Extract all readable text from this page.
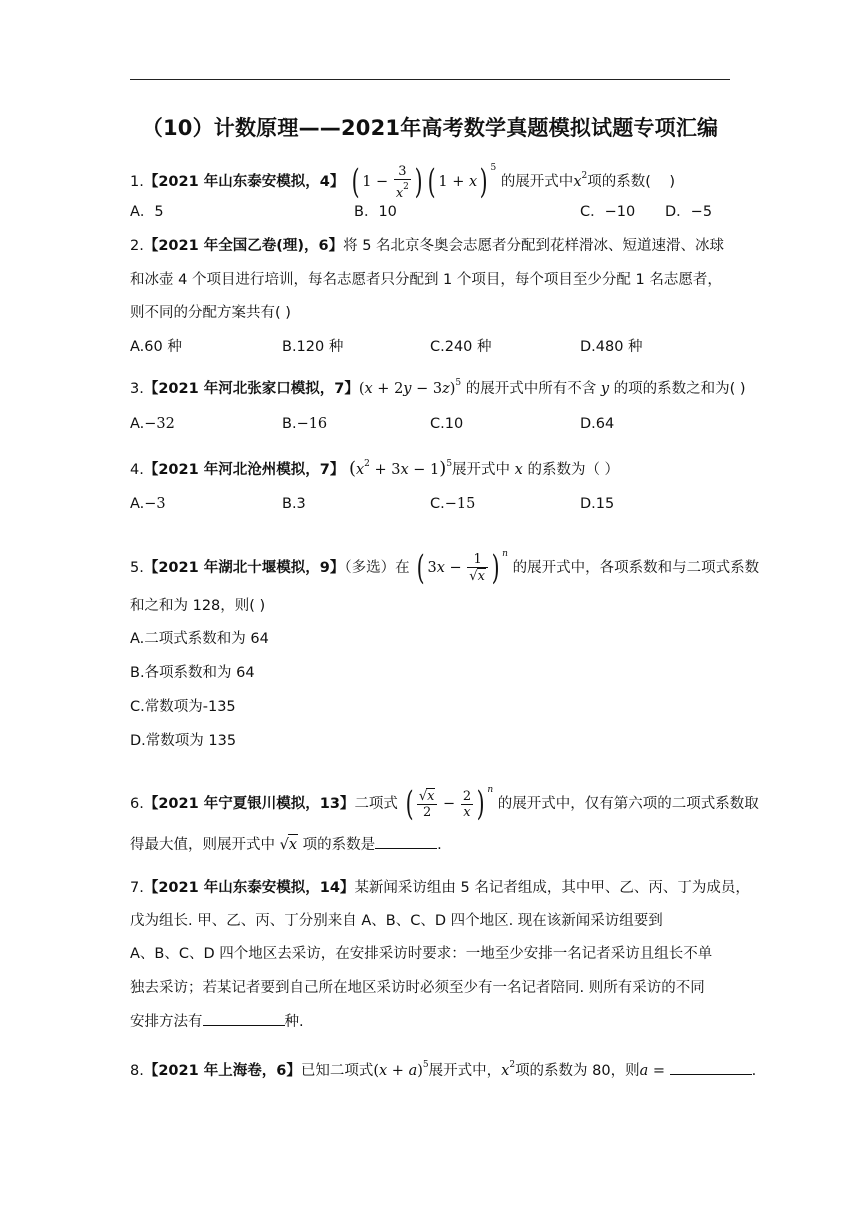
（10）计数原理——2021年高考数学真题模拟试题专项汇编
1.【2021 年山东泰安模拟，4】 ( $1 - \frac{3}{x^2}$ ) ( 1 + x) $^5$ 的展开式中$x^2$项的系数( )
A．5	B．10	C．−10 D．−5
2.【2021 年全国乙卷(理)，6】将 5 名北京冬奥会志愿者分配到花样滑冰、短道速滑、冰球
和冰壶 4 个项目进行培训，每名志愿者只分配到 1 个项目，每个项目至少分配 1 名志愿者，
则不同的分配方案共有( )
A.60 种	B.120 种	C.240 种	D.480 种
3.【2021 年河北张家口模拟，7】$(x + 2y - 3z)^5$ 的展开式中所有不含 y 的项的系数之和为( )
A.−32	B.−16	C.10	D.64
4.【2021 年河北沧州模拟，7】 $(x^2 + 3x - 1)^5$展开式中 x 的系数为（ ）
A.−3	B.3	C.−15	D.15
5.【2021 年湖北十堰模拟，9】（多选）在 ( $3x - \frac{1}{√x}$ ) $^n$ 的展开式中，各项系数和与二项式系数
和之和为 128，则( )
A.二项式系数和为 64
B.各项系数和为 64
C.常数项为-135
D.常数项为 135
6.【2021 年宁夏银川模拟，13】二项式 ( $\frac{√x}{2} - \frac{2}{x}$ ) $^n$ 的展开式中，仅有第六项的二项式系数取
得最大值，则展开式中 √x 项的系数是	.
7.【2021 年山东泰安模拟，14】某新闻采访组由 5 名记者组成，其中甲、乙、丙、丁为成员，
戊为组长. 甲、乙、丙、丁分别来自 A、B、C、D 四个地区. 现在该新闻采访组要到
A、B、C、D 四个地区去采访，在安排采访时要求：一地至少安排一名记者采访且组长不单
独去采访；若某记者要到自己所在地区采访时必须至少有一名记者陪同. 则所有采访的不同
安排方法有	种.
8.【2021 年上海卷，6】已知二项式$(x + a)^5$展开式中，$x^2$项的系数为 80，则a =	.
